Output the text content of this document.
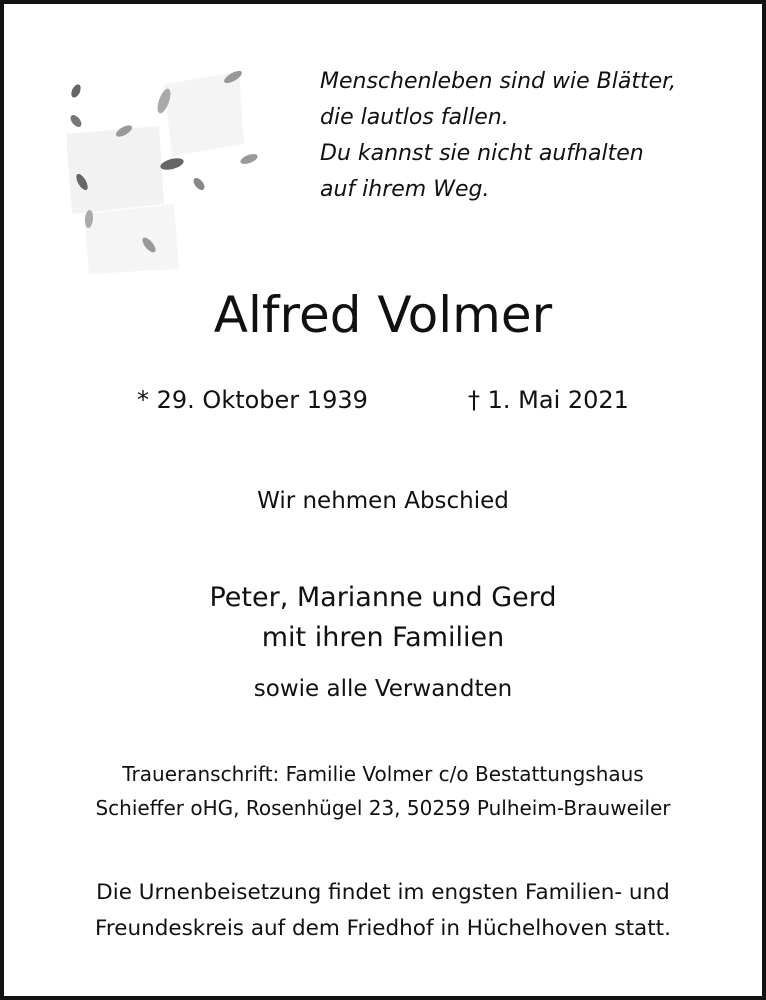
Menschenleben sind wie Blätter,
die lautlos fallen.
Du kannst sie nicht aufhalten
auf ihrem Weg.
Alfred Volmer
* 29. Oktober 1939	† 1. Mai 2021
Wir nehmen Abschied
Peter, Marianne und Gerd
mit ihren Familien
sowie alle Verwandten
Traueranschrift: Familie Volmer c/o Bestattungshaus
Schieffer oHG, Rosenhügel 23, 50259 Pulheim-Brauweiler
Die Urnenbeisetzung findet im engsten Familien- und
Freundeskreis auf dem Friedhof in Hüchelhoven statt.
